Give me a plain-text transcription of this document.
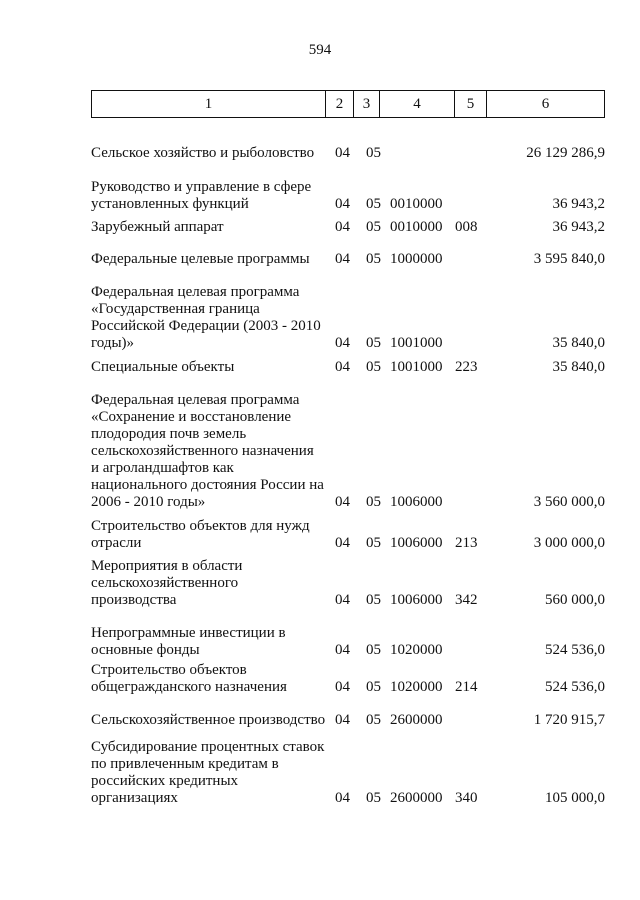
594
1	2	3	4	5	6
Сельское хозяйство и рыболовство	04 05	26 129 286,9
Руководство и управление в сфере
установленных функций	04 05 0010000	36 943,2
Зарубежный аппарат	04 05 0010000 008	36 943,2
Федеральные целевые программы	04 05 1000000	3 595 840,0
Федеральная целевая программа
«Государственная граница
Российской Федерации (2003 - 2010
годы)»	04 05 1001000	35 840,0
Специальные объекты	04 05 1001000 223	35 840,0
Федеральная целевая программа
«Сохранение и восстановление
плодородия почв земель
сельскохозяйственного назначения
и агроландшафтов как
национального достояния России на
2006 - 2010 годы»	04 05 1006000	3 560 000,0
Строительство объектов для нужд
отрасли	04 05 1006000 213	3 000 000,0
Мероприятия в области
сельскохозяйственного
производства	04 05 1006000 342	560 000,0
Непрограммные инвестиции в
основные фонды	04 05 1020000	524 536,0
Строительство объектов
общегражданского назначения	04 05 1020000 214	524 536,0
Сельскохозяйственное производство 04 05 2600000	1 720 915,7
Субсидирование процентных ставок
по привлеченным кредитам в
российских кредитных
организациях	04 05 2600000 340	105 000,0
